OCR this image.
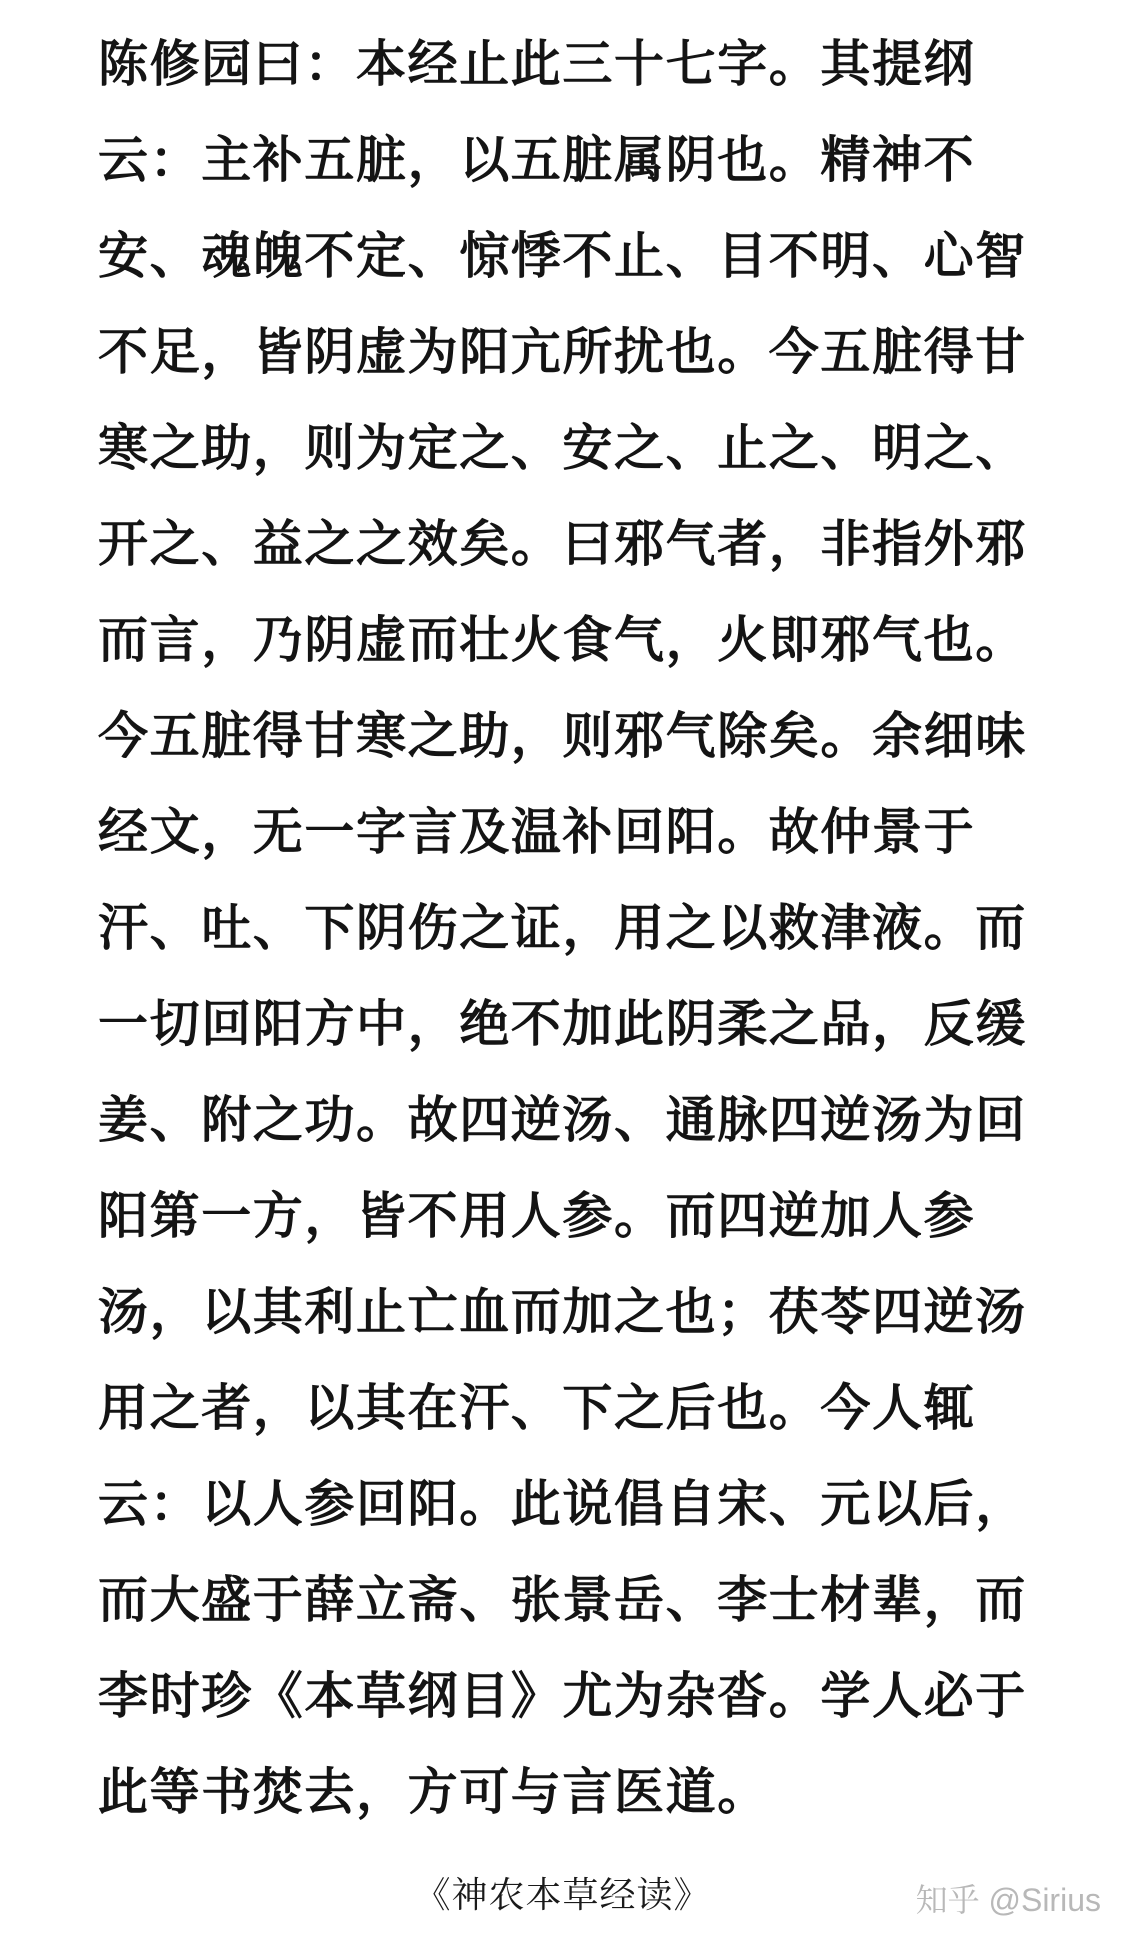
陈修园曰：本经止此三十七字。其提纲
云：主补五脏，以五脏属阴也。精神不
安、魂魄不定、惊悸不止、目不明、心智
不足，皆阴虚为阳亢所扰也。今五脏得甘
寒之助，则为定之、安之、止之、明之、
开之、益之之效矣。曰邪气者，非指外邪
而言，乃阴虚而壮火食气，火即邪气也。
今五脏得甘寒之助，则邪气除矣。余细味
经文，无一字言及温补回阳。故仲景于
汗、吐、下阴伤之证，用之以救津液。而
一切回阳方中，绝不加此阴柔之品，反缓
姜、附之功。故四逆汤、通脉四逆汤为回
阳第一方，皆不用人参。而四逆加人参
汤，以其利止亡血而加之也；茯苓四逆汤
用之者，以其在汗、下之后也。今人辄
云：以人参回阳。此说倡自宋、元以后，
而大盛于薛立斋、张景岳、李士材辈，而
李时珍《本草纲目》尤为杂沓。学人必于
此等书焚去，方可与言医道。
《神农本草经读》	知乎 @Sirius
